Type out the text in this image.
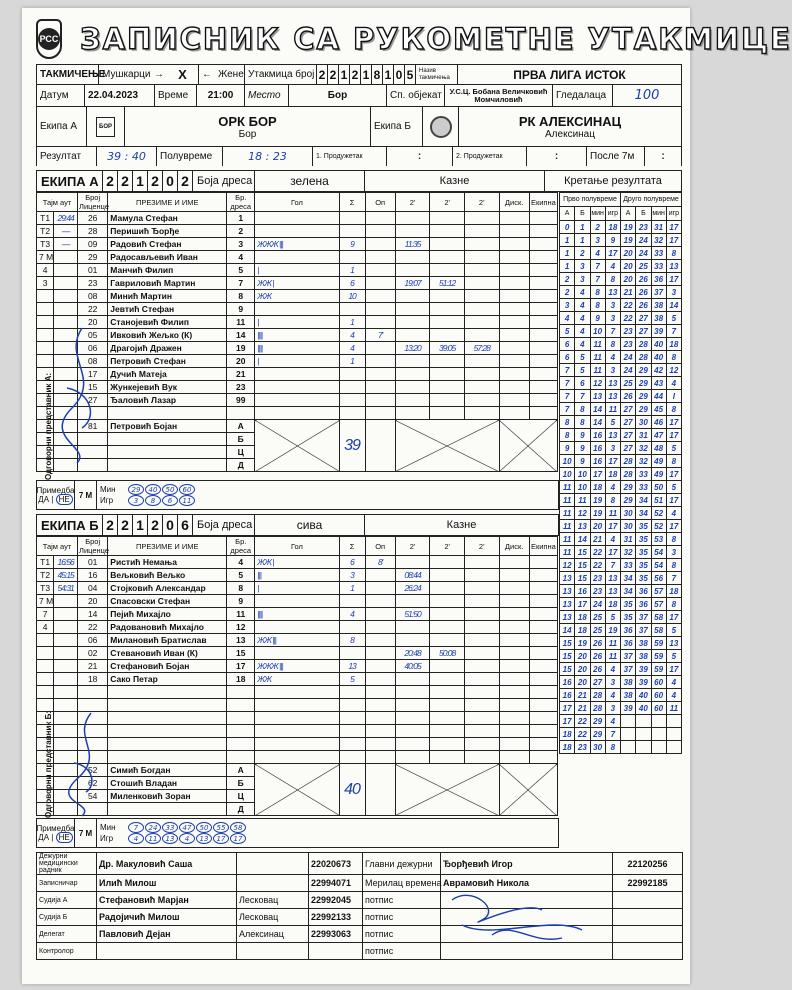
РСС ЗАПИСНИК СА РУКОМЕТНЕ УТАКМИЦЕ
ТАКМИЧЕЊЕ
Мушкарци →	X	← Жене Утакмица број 2 2 1 2 1 8 1 0 5 Назив такмичења	ПРВА ЛИГА ИСТОК
Датум	22.04.2023	Време	21:00	Место	Бор	Сп. објекат	У.С.Ц. Бобана Величковић Момчиловић	Гледалаца	100
Екипа А	БОР	ОРК БОР
Бор
Екипа Б	РК АЛЕКСИНАЦ
Алексинац
Резултат	39 : 40	Полувреме	18 : 23	1. Продужетак	:	2. Продужетак	:	После 7м	:
ЕКИПА А 2 2 1 2 0 2 Боја дреса	зелена	Казне	Кретање резултата
Тајм аут		Број Лиценце	ПРЕЗИМЕ И ИМЕ	Бр. дреса	Гол	Σ	Оп	2'	2'	2'	Диск.	Екипна
T1	29:44	26	Мамула Стефан	1								
T2	—	28	Перишић Ђорђе	2								
T3	—	09	Радовић Стефан	3	ЖЖЖ |||	9		11:35				
7 M		29	Радосављевић Иван	4								
4		01	Манчић Филип	5	|	1						
3		23	Гавриловић Мартин	7	ЖЖ |	6		19:07	51:12			
		08	Минић Мартин	8	ЖЖ	10						
		22	Јевтић Стефан	9								
		20	Станојевић Филип	11	|	1						
		05	Ивковић Жељко (К)	14	||||	4	7'					
		06	Драгојић Дражен	19	||||	4		13:20	39:05	57:28		
		08	Петровић Стефан	20	|	1						
		17	Дучић Матеја	21								
		15	Жункејевић Вук	23								
		27	Ђаловић Лазар	99								

		81	Петровић Бојан	А		39						
				Б								
				Ц								
				Д								
Прво полувреме				Друго полувреме			
А	Б	мин	игр	А	Б	мин	игр
0	1	2	18	19	23	31	17
1	1	3	9	19	24	32	17
1	2	4	17	20	24	33	8
1	3	7	4	20	25	33	13
2	3	7	8	20	26	36	17
2	4	8	13	21	26	37	3
3	4	8	3	22	26	38	14
4	4	9	3	22	27	38	5
5	4	10	7	23	27	39	7
6	4	11	8	23	28	40	18
6	5	11	4	24	28	40	8
7	5	11	3	24	29	42	12
7	6	12	13	25	29	43	4
7	7	13	13	26	29	44	I
7	8	14	11	27	29	45	8
8	8	14	5	27	30	46	17
8	9	16	13	27	31	47	17
9	9	16	3	27	32	48	5
10	9	16	17	28	32	49	8
10	10	17	18	28	33	49	17
11	10	18	4	29	33	50	5
11	11	19	8	29	34	51	17
11	12	19	11	30	34	52	4
11	13	20	17	30	35	52	17
11	14	21	4	31	35	53	8
11	15	22	17	32	35	54	3
12	15	22	7	33	35	54	8
13	15	23	13	34	35	56	7
13	16	23	13	34	36	57	18
13	17	24	18	35	36	57	8
13	18	25	5	35	37	58	17
14	18	25	19	36	37	58	5
15	19	26	11	36	38	59	13
15	20	26	11	37	38	59	5
15	20	26	4	37	39	59	17
16	20	27	3	38	39	60	4
16	21	28	4	38	40	60	4
17	21	28	3	39	40	60	11
17	22	29	4				
18	22	29	7				
18	23	30	8				
Примедба
ДА | НЕ	7 М
Мин 29 40 50 60
Игр	3 8 6 11
ЕКИПА Б 2 2 1 2 0 6 Боја дреса	сива	Казне
Тајм аут		Број Лиценце	ПРЕЗИМЕ И ИМЕ	Бр. дреса	Гол	Σ	Оп	2'	2'	2'	Диск.	Екипна
T1	16:56	01	Ристић Немања	4	ЖЖ |	6	8'					
T2	45:15	16	Вељковић Вељко	5	|||	3		08:44				
T3	54:31	04	Стојковић Александар	8	|	1		26:24				
7 M		20	Спасовски Стефан	9								
7		14	Пејић Михајло	11	||||	4		51:50				
4		22	Радовановић Михајло	12								
		06	Милановић Братислав	13	ЖЖ |||	8						
		02	Стевановић Иван (К)	15				20:48	50:08			
		21	Стефановић Бојан	17	ЖЖЖ |||	13		40:05				
		18	Сако Петар	18	ЖЖ	5						

		52	Симић Богдан	А		40						
		62	Стошић Владан	Б								
		54	Миленковић Зоран	Ц								
				Д								
Примедба
ДА | НЕ	7 М
Мин	7 24 33 47 50 55 58
Игр	4 11 13 4 13 17 17
Дежурни медицински радник	Др. Макуловић Саша		22020673	Главни дежурни	Ђорђевић Игор	22120256
Записничар	Илић Милош		22994071	Мерилац времена	Аврамовић Никола	22992185
Судија А	Стефановић Марјан	Лесковац	22992045	потпис		
Судија Б	Радојичић Милош	Лесковац	22992133	потпис		
Делегат	Павловић Дејан	Алексинац	22993063	потпис		
Контролор				потпис		
Одговорни представник А:
Одговорни представник Б:
